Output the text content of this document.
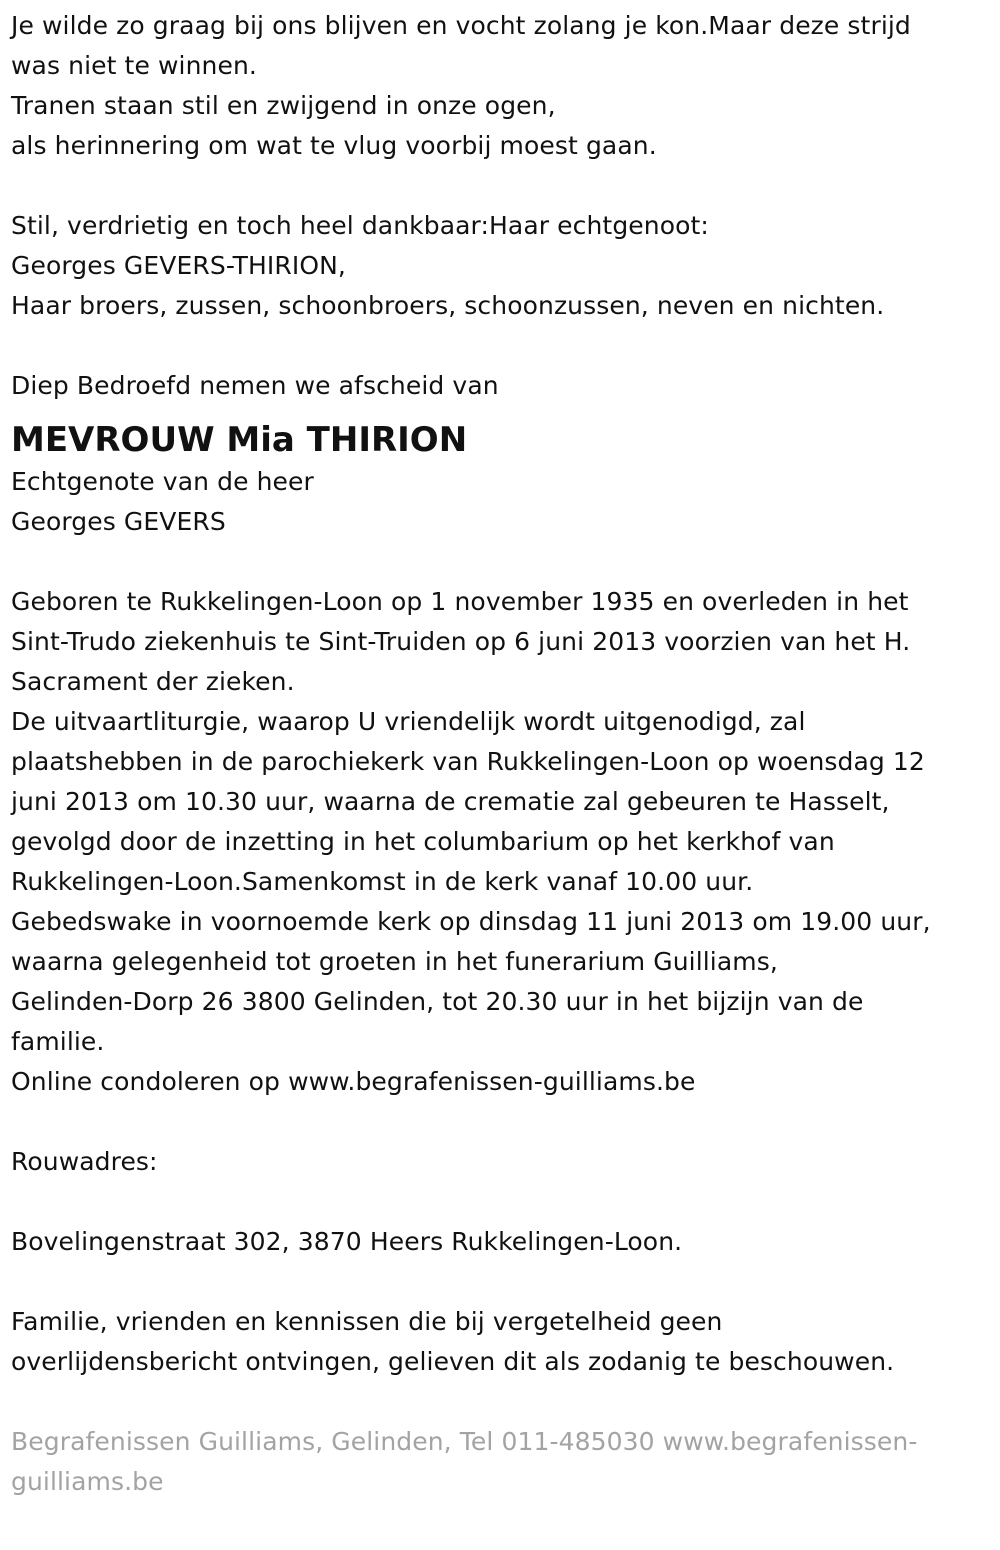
Je wilde zo graag bij ons blijven en vocht zolang je kon.Maar deze strijd
was niet te winnen.
Tranen staan stil en zwijgend in onze ogen,
als herinnering om wat te vlug voorbij moest gaan.
Stil, verdrietig en toch heel dankbaar:Haar echtgenoot:
Georges GEVERS-THIRION,
Haar broers, zussen, schoonbroers, schoonzussen, neven en nichten.
Diep Bedroefd nemen we afscheid van
MEVROUW Mia THIRION
Echtgenote van de heer
Georges GEVERS
Geboren te Rukkelingen-Loon op 1 november 1935 en overleden in het
Sint-Trudo ziekenhuis te Sint-Truiden op 6 juni 2013 voorzien van het H.
Sacrament der zieken.
De uitvaartliturgie, waarop U vriendelijk wordt uitgenodigd, zal
plaatshebben in de parochiekerk van Rukkelingen-Loon op woensdag 12
juni 2013 om 10.30 uur, waarna de crematie zal gebeuren te Hasselt,
gevolgd door de inzetting in het columbarium op het kerkhof van
Rukkelingen-Loon.Samenkomst in de kerk vanaf 10.00 uur.
Gebedswake in voornoemde kerk op dinsdag 11 juni 2013 om 19.00 uur,
waarna gelegenheid tot groeten in het funerarium Guilliams,
Gelinden-Dorp 26 3800 Gelinden, tot 20.30 uur in het bijzijn van de
familie.
Online condoleren op www.begrafenissen-guilliams.be
Rouwadres:
Bovelingenstraat 302, 3870 Heers Rukkelingen-Loon.
Familie, vrienden en kennissen die bij vergetelheid geen
overlijdensbericht ontvingen, gelieven dit als zodanig te beschouwen.
Begrafenissen Guilliams, Gelinden, Tel 011-485030 www.begrafenissen-
guilliams.be
